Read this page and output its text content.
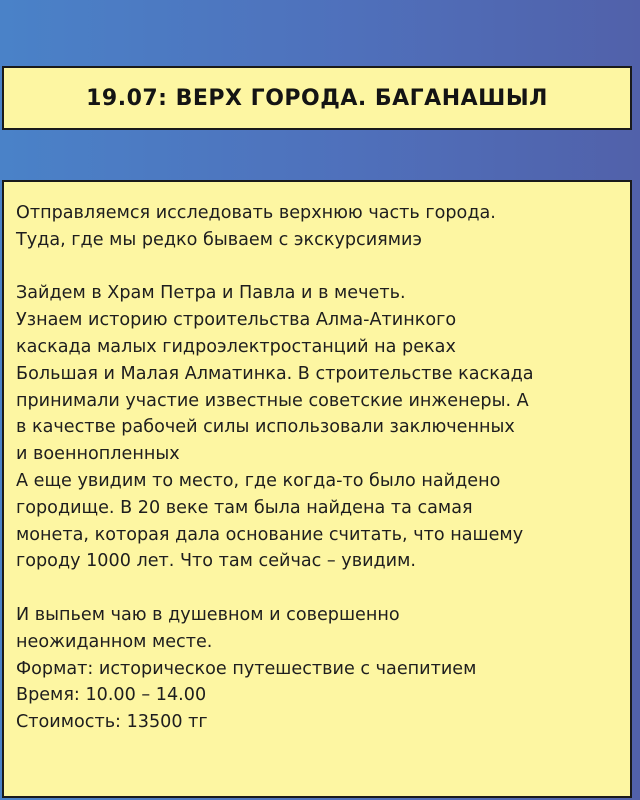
19.07: ВЕРХ ГОРОДА. БАГАНАШЫЛ

Отправляемся исследовать верхнюю часть города.
Туда, где мы редко бываем с экскурсиямиэ

Зайдем в Храм Петра и Павла и в мечеть.
Узнаем историю строительства Алма-Атинкого
каскада малых гидроэлектростанций на реках
Большая и Малая Алматинка. В строительстве каскада
принимали участие известные советские инженеры. А
в качестве рабочей силы использовали заключенных
и военнопленных
А еще увидим то место, где когда-то было найдено
городище. В 20 веке там была найдена та самая
монета, которая дала основание считать, что нашему
городу 1000 лет. Что там сейчас – увидим.

И выпьем чаю в душевном и совершенно
неожиданном месте.
Формат: историческое путешествие с чаепитием
Время: 10.00 – 14.00
Стоимость: 13500 тг
